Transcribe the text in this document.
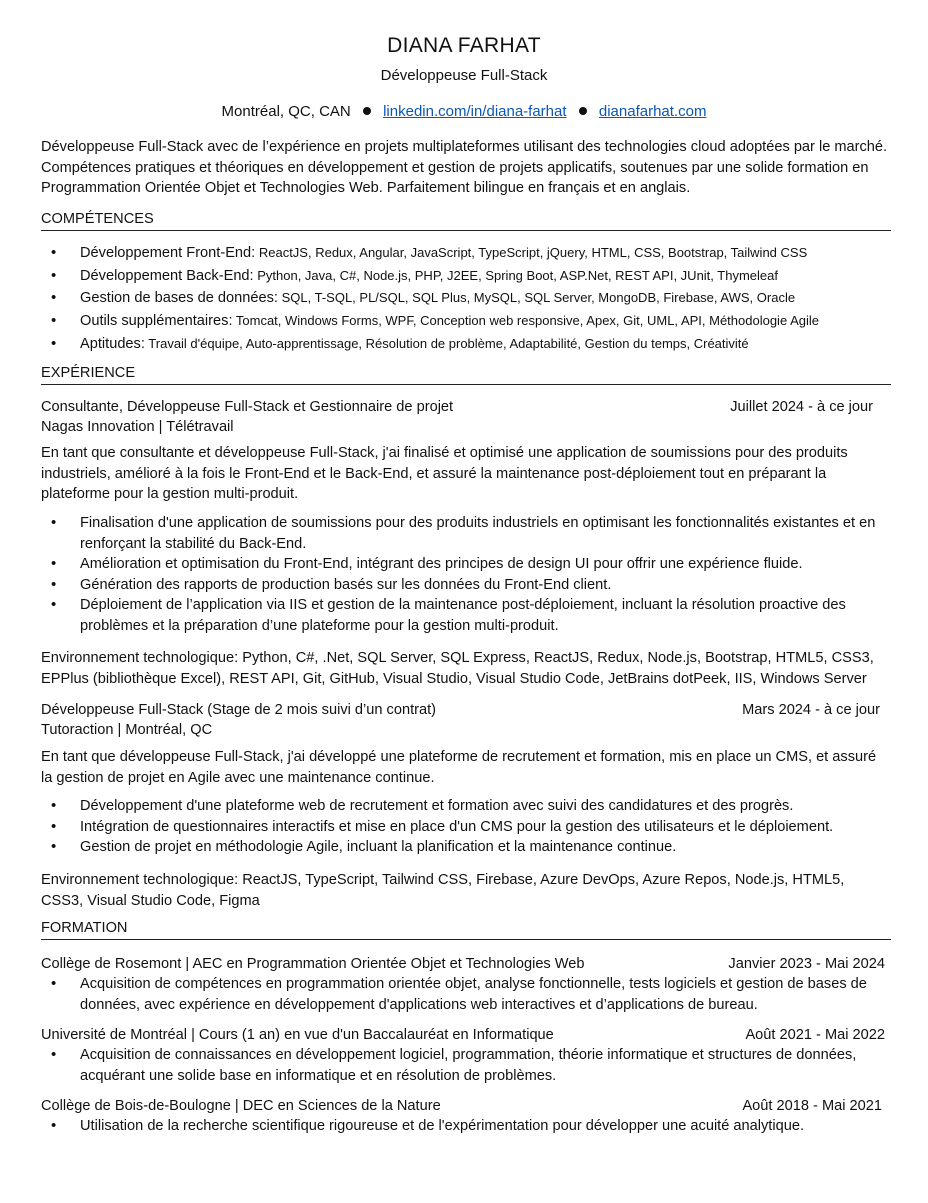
DIANA FARHAT
Développeuse Full-Stack
Montréal, QC, CAN linkedin.com/in/diana-farhat dianafarhat.com
Développeuse Full-Stack avec de l’expérience en projets multiplateformes utilisant des technologies cloud adoptées par le marché. Compétences pratiques et théoriques en développement et gestion de projets applicatifs, soutenues par une solide formation en Programmation Orientée Objet et Technologies Web. Parfaitement bilingue en français et en anglais.
COMPÉTENCES
• Développement Front-End: ReactJS, Redux, Angular, JavaScript, TypeScript, jQuery, HTML, CSS, Bootstrap, Tailwind CSS
• Développement Back-End: Python, Java, C#, Node.js, PHP, J2EE, Spring Boot, ASP.Net, REST API, JUnit, Thymeleaf
• Gestion de bases de données: SQL, T-SQL, PL/SQL, SQL Plus, MySQL, SQL Server, MongoDB, Firebase, AWS, Oracle
• Outils supplémentaires: Tomcat, Windows Forms, WPF, Conception web responsive, Apex, Git, UML, API, Méthodologie Agile
• Aptitudes: Travail d'équipe, Auto-apprentissage, Résolution de problème, Adaptabilité, Gestion du temps, Créativité
EXPÉRIENCE
Consultante, Développeuse Full-Stack et Gestionnaire de projet	Juillet 2024 - à ce jour
Nagas Innovation | Télétravail
En tant que consultante et développeuse Full-Stack, j'ai finalisé et optimisé une application de soumissions pour des produits industriels, amélioré à la fois le Front-End et le Back-End, et assuré la maintenance post-déploiement tout en préparant la plateforme pour la gestion multi-produit.
• Finalisation d'une application de soumissions pour des produits industriels en optimisant les fonctionnalités existantes et en renforçant la stabilité du Back-End.
• Amélioration et optimisation du Front-End, intégrant des principes de design UI pour offrir une expérience fluide.
• Génération des rapports de production basés sur les données du Front-End client.
• Déploiement de l’application via IIS et gestion de la maintenance post-déploiement, incluant la résolution proactive des problèmes et la préparation d’une plateforme pour la gestion multi-produit.
Environnement technologique: Python, C#, .Net, SQL Server, SQL Express, ReactJS, Redux, Node.js, Bootstrap, HTML5, CSS3, EPPlus (bibliothèque Excel), REST API, Git, GitHub, Visual Studio, Visual Studio Code, JetBrains dotPeek, IIS, Windows Server
Développeuse Full-Stack (Stage de 2 mois suivi d’un contrat)	Mars 2024 - à ce jour
Tutoraction | Montréal, QC
En tant que développeuse Full-Stack, j'ai développé une plateforme de recrutement et formation, mis en place un CMS, et assuré la gestion de projet en Agile avec une maintenance continue.
• Développement d'une plateforme web de recrutement et formation avec suivi des candidatures et des progrès.
• Intégration de questionnaires interactifs et mise en place d'un CMS pour la gestion des utilisateurs et le déploiement.
• Gestion de projet en méthodologie Agile, incluant la planification et la maintenance continue.
Environnement technologique: ReactJS, TypeScript, Tailwind CSS, Firebase, Azure DevOps, Azure Repos, Node.js, HTML5, CSS3, Visual Studio Code, Figma
FORMATION
Collège de Rosemont | AEC en Programmation Orientée Objet et Technologies Web	Janvier 2023 - Mai 2024
• Acquisition de compétences en programmation orientée objet, analyse fonctionnelle, tests logiciels et gestion de bases de données, avec expérience en développement d'applications web interactives et d’applications de bureau.
Université de Montréal | Cours (1 an) en vue d'un Baccalauréat en Informatique	Août 2021 - Mai 2022
• Acquisition de connaissances en développement logiciel, programmation, théorie informatique et structures de données, acquérant une solide base en informatique et en résolution de problèmes.
Collège de Bois-de-Boulogne | DEC en Sciences de la Nature	Août 2018 - Mai 2021
• Utilisation de la recherche scientifique rigoureuse et de l'expérimentation pour développer une acuité analytique.
